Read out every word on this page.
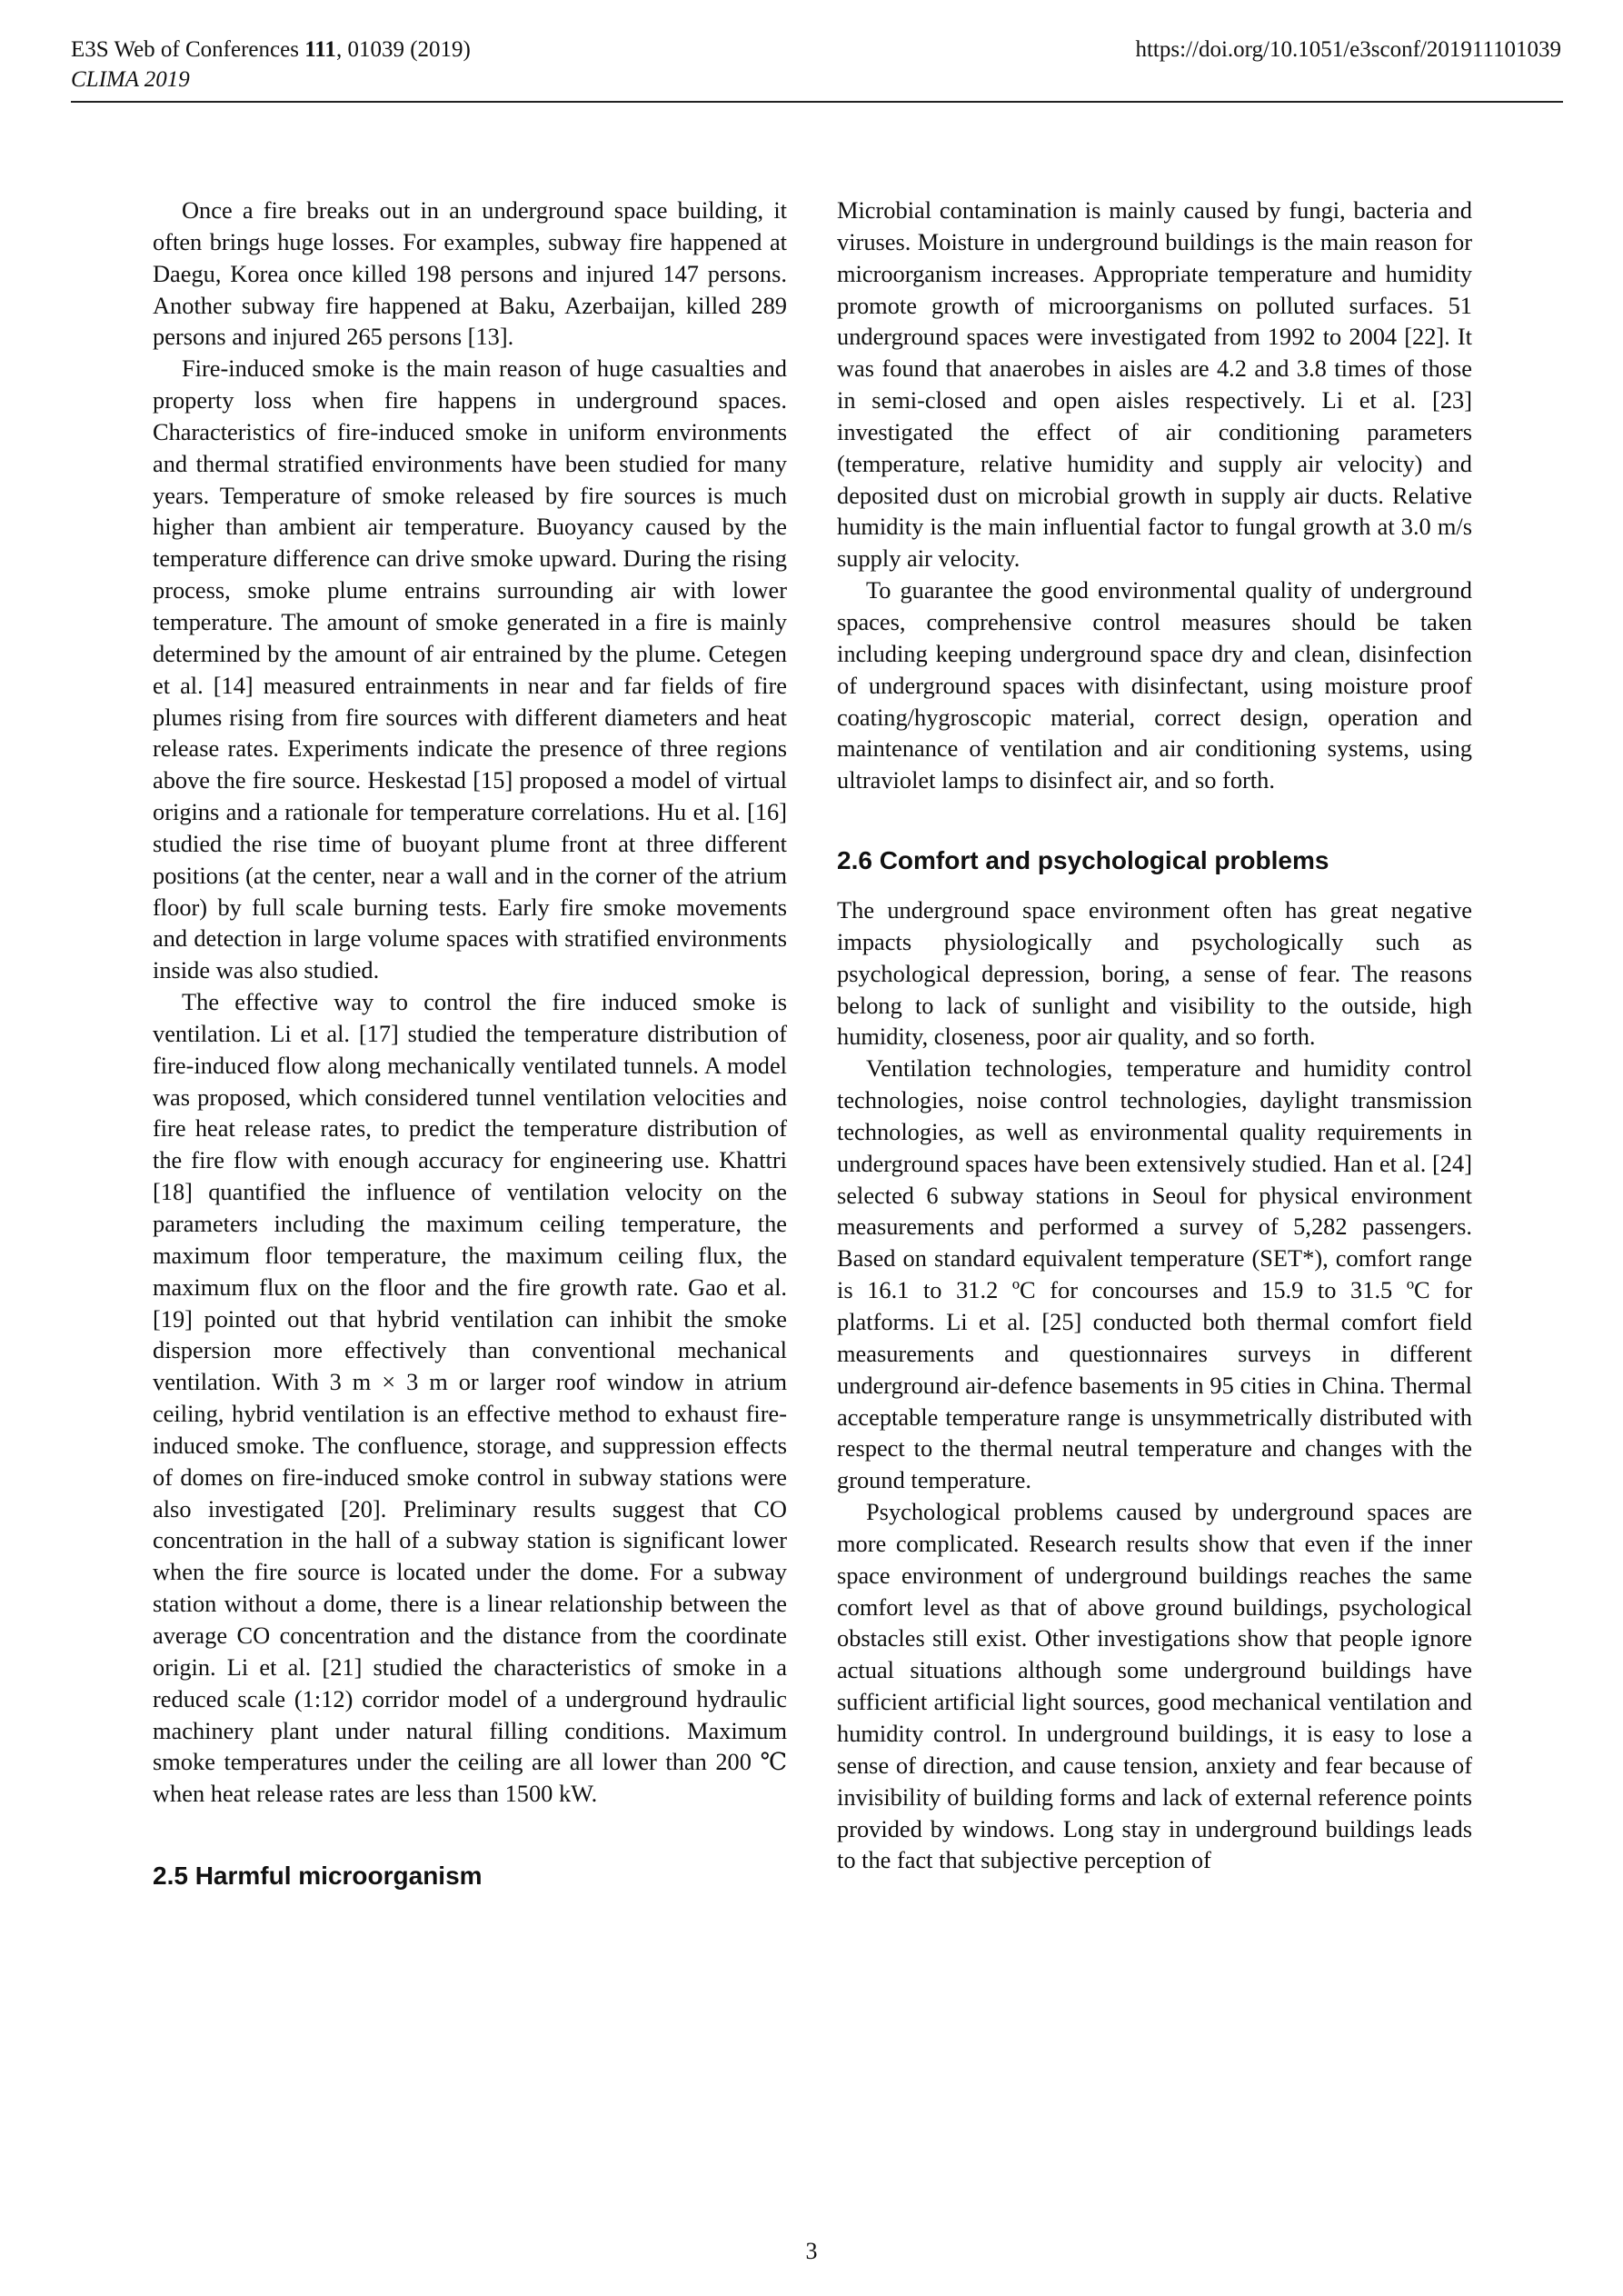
E3S Web of Conferences 111, 01039 (2019)
CLIMA 2019
https://doi.org/10.1051/e3sconf/201911101039

Once a fire breaks out in an underground space building, it often brings huge losses. For examples, subway fire happened at Daegu, Korea once killed 198 persons and injured 147 persons. Another subway fire happened at Baku, Azerbaijan, killed 289 persons and injured 265 persons [13].

Fire-induced smoke is the main reason of huge casualties and property loss when fire happens in underground spaces. Characteristics of fire-induced smoke in uniform environments and thermal stratified environments have been studied for many years. Temperature of smoke released by fire sources is much higher than ambient air temperature. Buoyancy caused by the temperature difference can drive smoke upward. During the rising process, smoke plume entrains surrounding air with lower temperature. The amount of smoke generated in a fire is mainly determined by the amount of air entrained by the plume. Cetegen et al. [14] measured entrainments in near and far fields of fire plumes rising from fire sources with different diameters and heat release rates. Experiments indicate the presence of three regions above the fire source. Heskestad [15] proposed a model of virtual origins and a rationale for temperature correlations. Hu et al. [16] studied the rise time of buoyant plume front at three different positions (at the center, near a wall and in the corner of the atrium floor) by full scale burning tests. Early fire smoke movements and detection in large volume spaces with stratified environments inside was also studied.

The effective way to control the fire induced smoke is ventilation. Li et al. [17] studied the temperature distribution of fire-induced flow along mechanically ventilated tunnels. A model was proposed, which considered tunnel ventilation velocities and fire heat release rates, to predict the temperature distribution of the fire flow with enough accuracy for engineering use. Khattri [18] quantified the influence of ventilation velocity on the parameters including the maximum ceiling temperature, the maximum floor temperature, the maximum ceiling flux, the maximum flux on the floor and the fire growth rate. Gao et al. [19] pointed out that hybrid ventilation can inhibit the smoke dispersion more effectively than conventional mechanical ventilation. With 3 m × 3 m or larger roof window in atrium ceiling, hybrid ventilation is an effective method to exhaust fire-induced smoke. The confluence, storage, and suppression effects of domes on fire-induced smoke control in subway stations were also investigated [20]. Preliminary results suggest that CO concentration in the hall of a subway station is significant lower when the fire source is located under the dome. For a subway station without a dome, there is a linear relationship between the average CO concentration and the distance from the coordinate origin. Li et al. [21] studied the characteristics of smoke in a reduced scale (1:12) corridor model of a underground hydraulic machinery plant under natural filling conditions. Maximum smoke temperatures under the ceiling are all lower than 200 ℃ when heat release rates are less than 1500 kW.

2.5 Harmful microorganism

Microbial contamination is mainly caused by fungi, bacteria and viruses. Moisture in underground buildings is the main reason for microorganism increases. Appropriate temperature and humidity promote growth of microorganisms on polluted surfaces. 51 underground spaces were investigated from 1992 to 2004 [22]. It was found that anaerobes in aisles are 4.2 and 3.8 times of those in semi-closed and open aisles respectively. Li et al. [23] investigated the effect of air conditioning parameters (temperature, relative humidity and supply air velocity) and deposited dust on microbial growth in supply air ducts. Relative humidity is the main influential factor to fungal growth at 3.0 m/s supply air velocity.

To guarantee the good environmental quality of underground spaces, comprehensive control measures should be taken including keeping underground space dry and clean, disinfection of underground spaces with disinfectant, using moisture proof coating/hygroscopic material, correct design, operation and maintenance of ventilation and air conditioning systems, using ultraviolet lamps to disinfect air, and so forth.

2.6 Comfort and psychological problems

The underground space environment often has great negative impacts physiologically and psychologically such as psychological depression, boring, a sense of fear. The reasons belong to lack of sunlight and visibility to the outside, high humidity, closeness, poor air quality, and so forth.

Ventilation technologies, temperature and humidity control technologies, noise control technologies, daylight transmission technologies, as well as environmental quality requirements in underground spaces have been extensively studied. Han et al. [24] selected 6 subway stations in Seoul for physical environment measurements and performed a survey of 5,282 passengers. Based on standard equivalent temperature (SET*), comfort range is 16.1 to 31.2 ºC for concourses and 15.9 to 31.5 ºC for platforms. Li et al. [25] conducted both thermal comfort field measurements and questionnaires surveys in different underground air-defence basements in 95 cities in China. Thermal acceptable temperature range is unsymmetrically distributed with respect to the thermal neutral temperature and changes with the ground temperature.

Psychological problems caused by underground spaces are more complicated. Research results show that even if the inner space environment of underground buildings reaches the same comfort level as that of above ground buildings, psychological obstacles still exist. Other investigations show that people ignore actual situations although some underground buildings have sufficient artificial light sources, good mechanical ventilation and humidity control. In underground buildings, it is easy to lose a sense of direction, and cause tension, anxiety and fear because of invisibility of building forms and lack of external reference points provided by windows. Long stay in underground buildings leads to the fact that subjective perception of

3
